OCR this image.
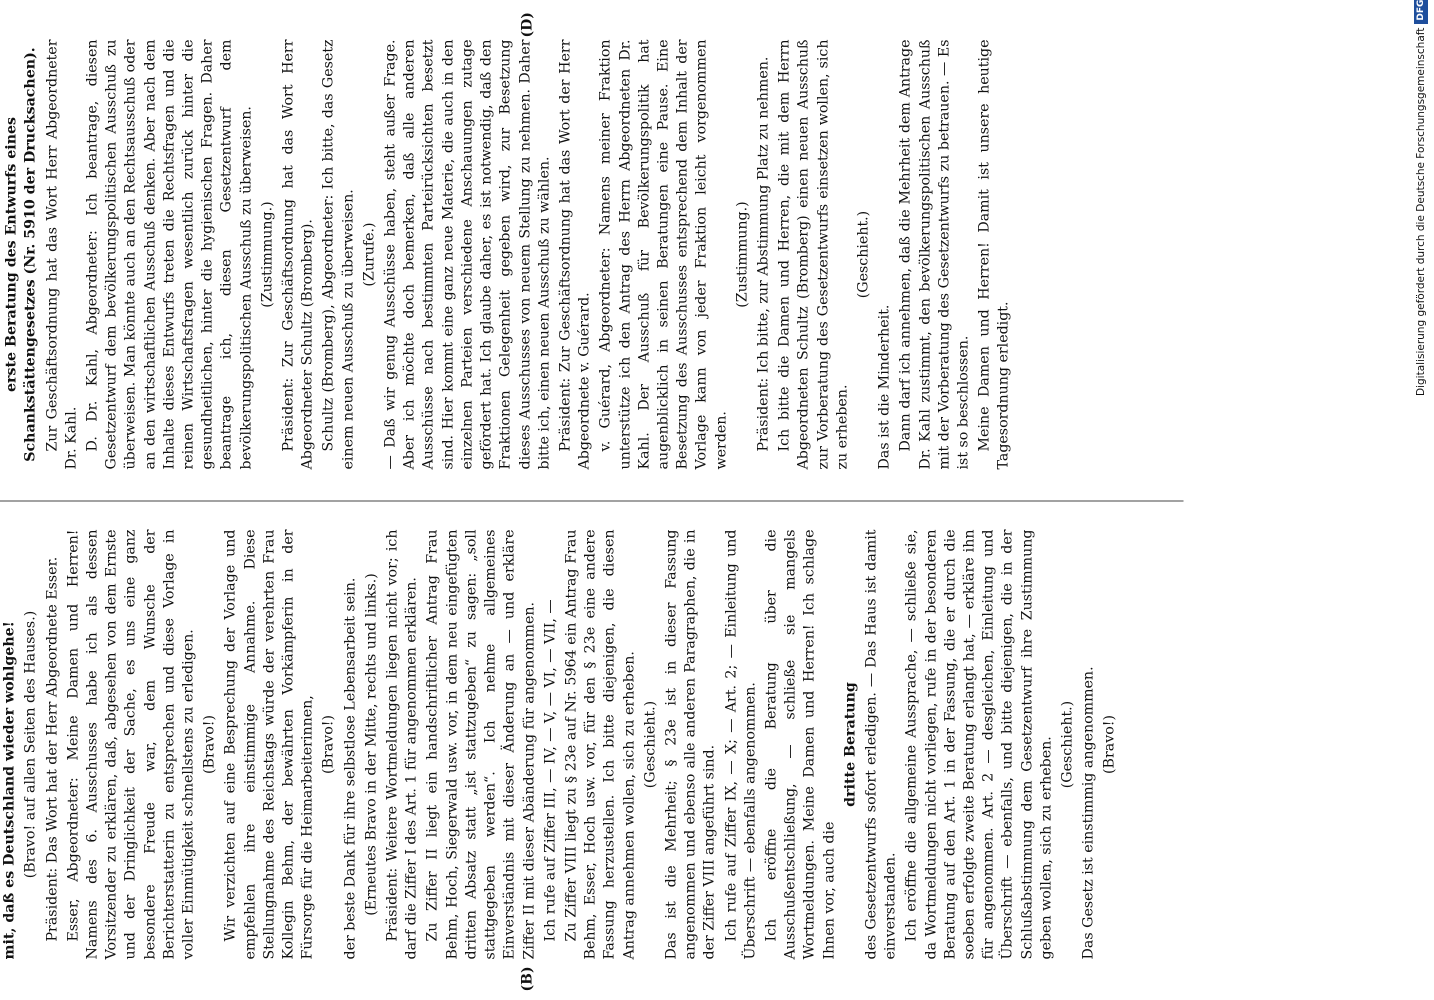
(B)
(D)

mit, daß es Deutschland wieder wohlgehe! (Bravo! auf allen Seiten des Hauses.) Präsident: Das Wort hat der Herr Abgeordnete Esser. Esser, Abgeordneter: Meine Damen und Herren! Namens des 6. Ausschusses habe ich als dessen Vorsitzender zu erklären, daß, abgesehen von dem Ernste und der Dringlichkeit der Sache, es uns eine ganz besondere Freude war, dem Wunsche der Berichterstatterin zu entsprechen und diese Vorlage in voller Einmütigkeit schnellstens zu erledigen. (Bravo!) Wir verzichten auf eine Besprechung der Vorlage und empfehlen ihre einstimmige Annahme. Diese Stellungnahme des Reichstags würde der verehrten Frau Kollegin Behm, der bewährten Vorkämpferin in der Fürsorge für die Heimarbeiterinnen, (Bravo!) der beste Dank für ihre selbstlose Lebensarbeit sein. (Erneutes Bravo in der Mitte, rechts und links.) Präsident: Weitere Wortmeldungen liegen nicht vor; ich darf die Ziffer I des Art. 1 für angenommen erklären. Zu Ziffer II liegt ein handschriftlicher Antrag Frau Behm, Hoch, Siegerwald usw. vor, in dem neu eingefügten dritten Absatz statt „ist stattzugeben“ zu sagen: „soll stattgegeben werden“. Ich nehme allgemeines Einverständnis mit dieser Änderung an — und erkläre Ziffer II mit dieser Abänderung für angenommen. Ich rufe auf Ziffer III, — IV, — V, — VI, — VII, — Zu Ziffer VIII liegt zu § 23e auf Nr. 5964 ein Antrag Frau Behm, Esser, Hoch usw. vor, für den § 23e eine andere Fassung herzustellen. Ich bitte diejenigen, die diesen Antrag annehmen wollen, sich zu erheben. (Geschieht.) Das ist die Mehrheit; § 23e ist in dieser Fassung angenommen und ebenso alle anderen Paragraphen, die in der Ziffer VIII angeführt sind. Ich rufe auf Ziffer IX, — X; — Art. 2; — Einleitung und Überschrift — ebenfalls angenommen. Ich eröffne die Beratung über die Ausschußentschließung, — schließe sie mangels Wortmeldungen. Meine Damen und Herren! Ich schlage Ihnen vor, auch die

dritte Beratung des Gesetzentwurfs sofort erledigen. — Das Haus ist damit einverstanden. Ich eröffne die allgemeine Aussprache, — schließe sie, da Wortmeldungen nicht vorliegen, rufe in der besonderen Beratung auf den Art. 1 in der Fassung, die er durch die soeben erfolgte zweite Beratung erlangt hat, — erkläre ihn für angenommen. Art. 2 — desgleichen, Einleitung und Überschrift — ebenfalls, und bitte diejenigen, die in der Schlußabstimmung dem Gesetzentwurf ihre Zustimmung geben wollen, sich zu erheben. (Geschieht.) Das Gesetz ist einstimmig angenommen. (Bravo!)

erste Beratung des Entwurfs eines Schankstättengesetzes (Nr. 5910 der Drucksachen). Zur Geschäftsordnung hat das Wort Herr Abgeordneter Dr. Kahl. D. Dr. Kahl, Abgeordneter: Ich beantrage, diesen Gesetzentwurf dem bevölkerungspolitischen Ausschuß zu überweisen. Man könnte auch an den Rechtsausschuß oder an den wirtschaftlichen Ausschuß denken. Aber nach dem Inhalte dieses Entwurfs treten die Rechtsfragen und die reinen Wirtschaftsfragen wesentlich zurück hinter die gesundheitlichen, hinter die hygienischen Fragen. Daher beantrage ich, diesen Gesetzentwurf dem bevölkerungspolitischen Ausschuß zu überweisen. (Zustimmung.) Präsident: Zur Geschäftsordnung hat das Wort Herr Abgeordneter Schultz (Bromberg). Schultz (Bromberg), Abgeordneter: Ich bitte, das Gesetz einem neuen Ausschuß zu überweisen. (Zurufe.) — Daß wir genug Ausschüsse haben, steht außer Frage. Aber ich möchte doch bemerken, daß alle anderen Ausschüsse nach bestimmten Parteirücksichten besetzt sind. Hier kommt eine ganz neue Materie, die auch in den einzelnen Parteien verschiedene Anschauungen zutage gefördert hat. Ich glaube daher, es ist notwendig, daß den Fraktionen Gelegenheit gegeben wird, zur Besetzung dieses Ausschusses von neuem Stellung zu nehmen. Daher bitte ich, einen neuen Ausschuß zu wählen. Präsident: Zur Geschäftsordnung hat das Wort der Herr Abgeordnete v. Guérard. v. Guérard, Abgeordneter: Namens meiner Fraktion unterstütze ich den Antrag des Herrn Abgeordneten Dr. Kahl. Der Ausschuß für Bevölkerungspolitik hat augenblicklich in seinen Beratungen eine Pause. Eine Besetzung des Ausschusses entsprechend dem Inhalt der Vorlage kann von jeder Fraktion leicht vorgenommen werden.

(Zustimmung.) Präsident: Ich bitte, zur Abstimmung Platz zu nehmen. Ich bitte die Damen und Herren, die mit dem Herrn Abgeordneten Schultz (Bromberg) einen neuen Ausschuß zur Vorberatung des Gesetzentwurfs einsetzen wollen, sich zu erheben.

(Geschieht.)

Das ist die Minderheit. Dann darf ich annehmen, daß die Mehrheit dem Antrage Dr. Kahl zustimmt, den bevölkerungspolitischen Ausschuß mit der Vorberatung des Gesetzentwurfs zu betrauen. — Es ist so beschlossen. Meine Damen und Herren! Damit ist unsere heutige Tagesordnung erledigt.	Digitalisierung gefördert durch die Deutsche Forschungsgemeinschaft
DFG
